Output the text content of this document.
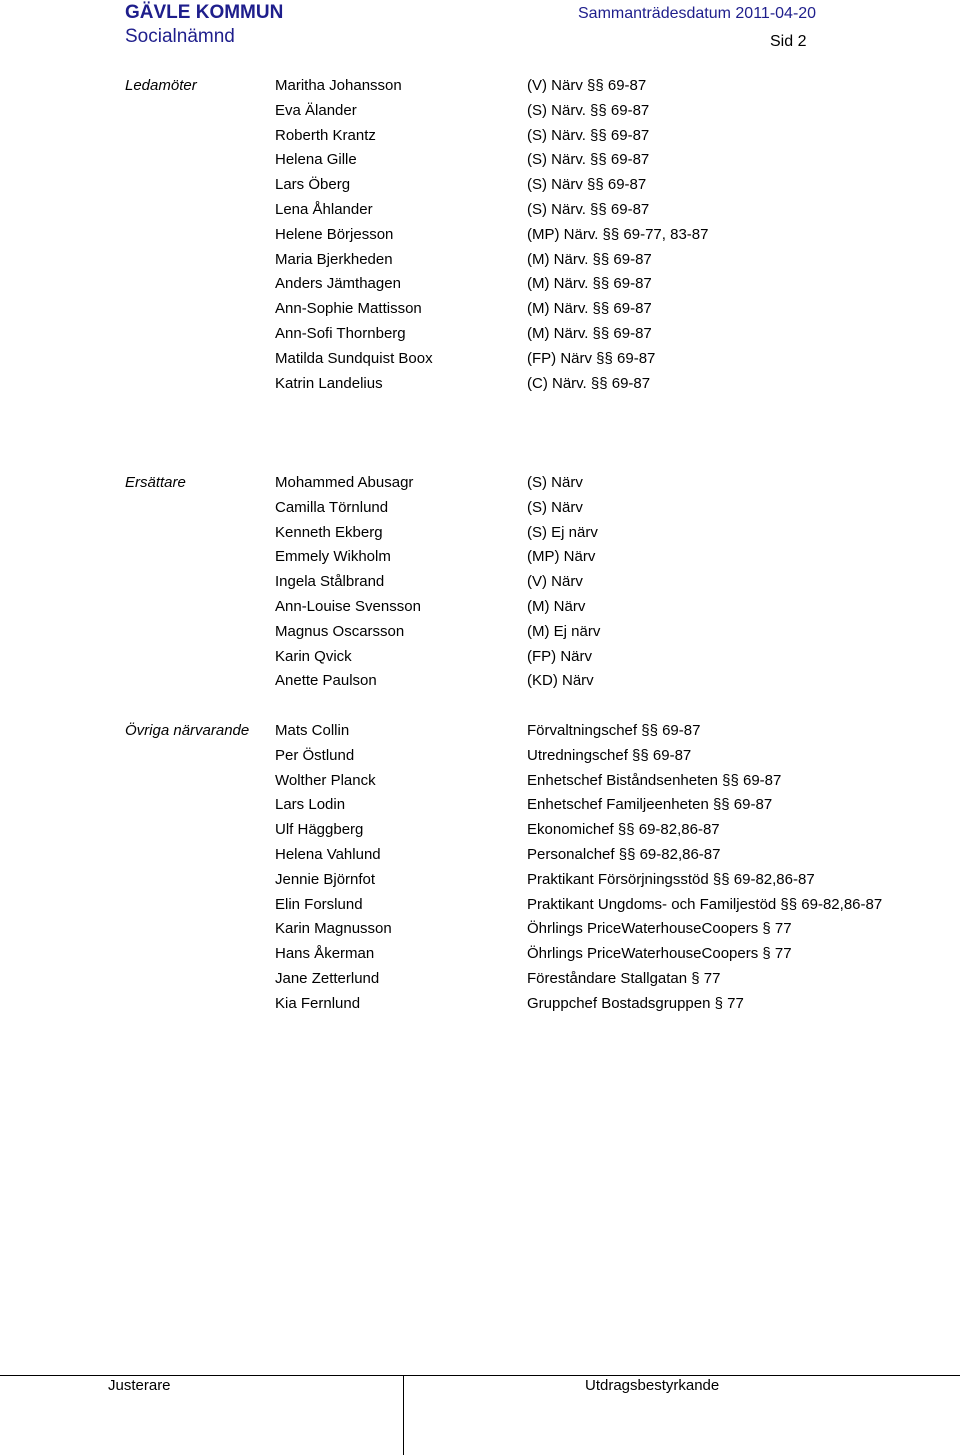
GÄVLE KOMMUN
Socialnämnd
Sammanträdesdatum 2011-04-20
Sid 2
Ledamöter	Maritha Johansson	(V) Närv §§ 69-87
Eva Älander	(S) Närv. §§ 69-87
Roberth Krantz	(S) Närv. §§ 69-87
Helena Gille	(S) Närv. §§ 69-87
Lars Öberg	(S) Närv §§ 69-87
Lena Åhlander	(S) Närv. §§ 69-87
Helene Börjesson	(MP) Närv. §§ 69-77, 83-87
Maria Bjerkheden	(M) Närv. §§ 69-87
Anders Jämthagen	(M) Närv. §§ 69-87
Ann-Sophie Mattisson	(M) Närv. §§ 69-87
Ann-Sofi Thornberg	(M) Närv. §§ 69-87
Matilda Sundquist Boox	(FP) Närv §§ 69-87
Katrin Landelius	(C) Närv. §§ 69-87
Ersättare	Mohammed Abusagr	(S) Närv
Camilla Törnlund	(S) Närv
Kenneth Ekberg	(S) Ej närv
Emmely Wikholm	(MP) Närv
Ingela Stålbrand	(V) Närv
Ann-Louise Svensson	(M) Närv
Magnus Oscarsson	(M) Ej närv
Karin Qvick	(FP) Närv
Anette Paulson	(KD) Närv
Övriga närvarande Mats Collin	Förvaltningschef §§ 69-87
Per Östlund	Utredningschef §§ 69-87
Wolther Planck	Enhetschef Biståndsenheten §§ 69-87
Lars Lodin	Enhetschef Familjeenheten §§ 69-87
Ulf Häggberg	Ekonomichef §§ 69-82,86-87
Helena Vahlund	Personalchef §§ 69-82,86-87
Jennie Björnfot	Praktikant Försörjningsstöd §§ 69-82,86-87
Elin Forslund	Praktikant Ungdoms- och Familjestöd §§ 69-82,86-87
Karin Magnusson	Öhrlings PriceWaterhouseCoopers § 77
Hans Åkerman	Öhrlings PriceWaterhouseCoopers § 77
Jane Zetterlund	Föreståndare Stallgatan § 77
Kia Fernlund	Gruppchef Bostadsgruppen § 77
Justerare	Utdragsbestyrkande
